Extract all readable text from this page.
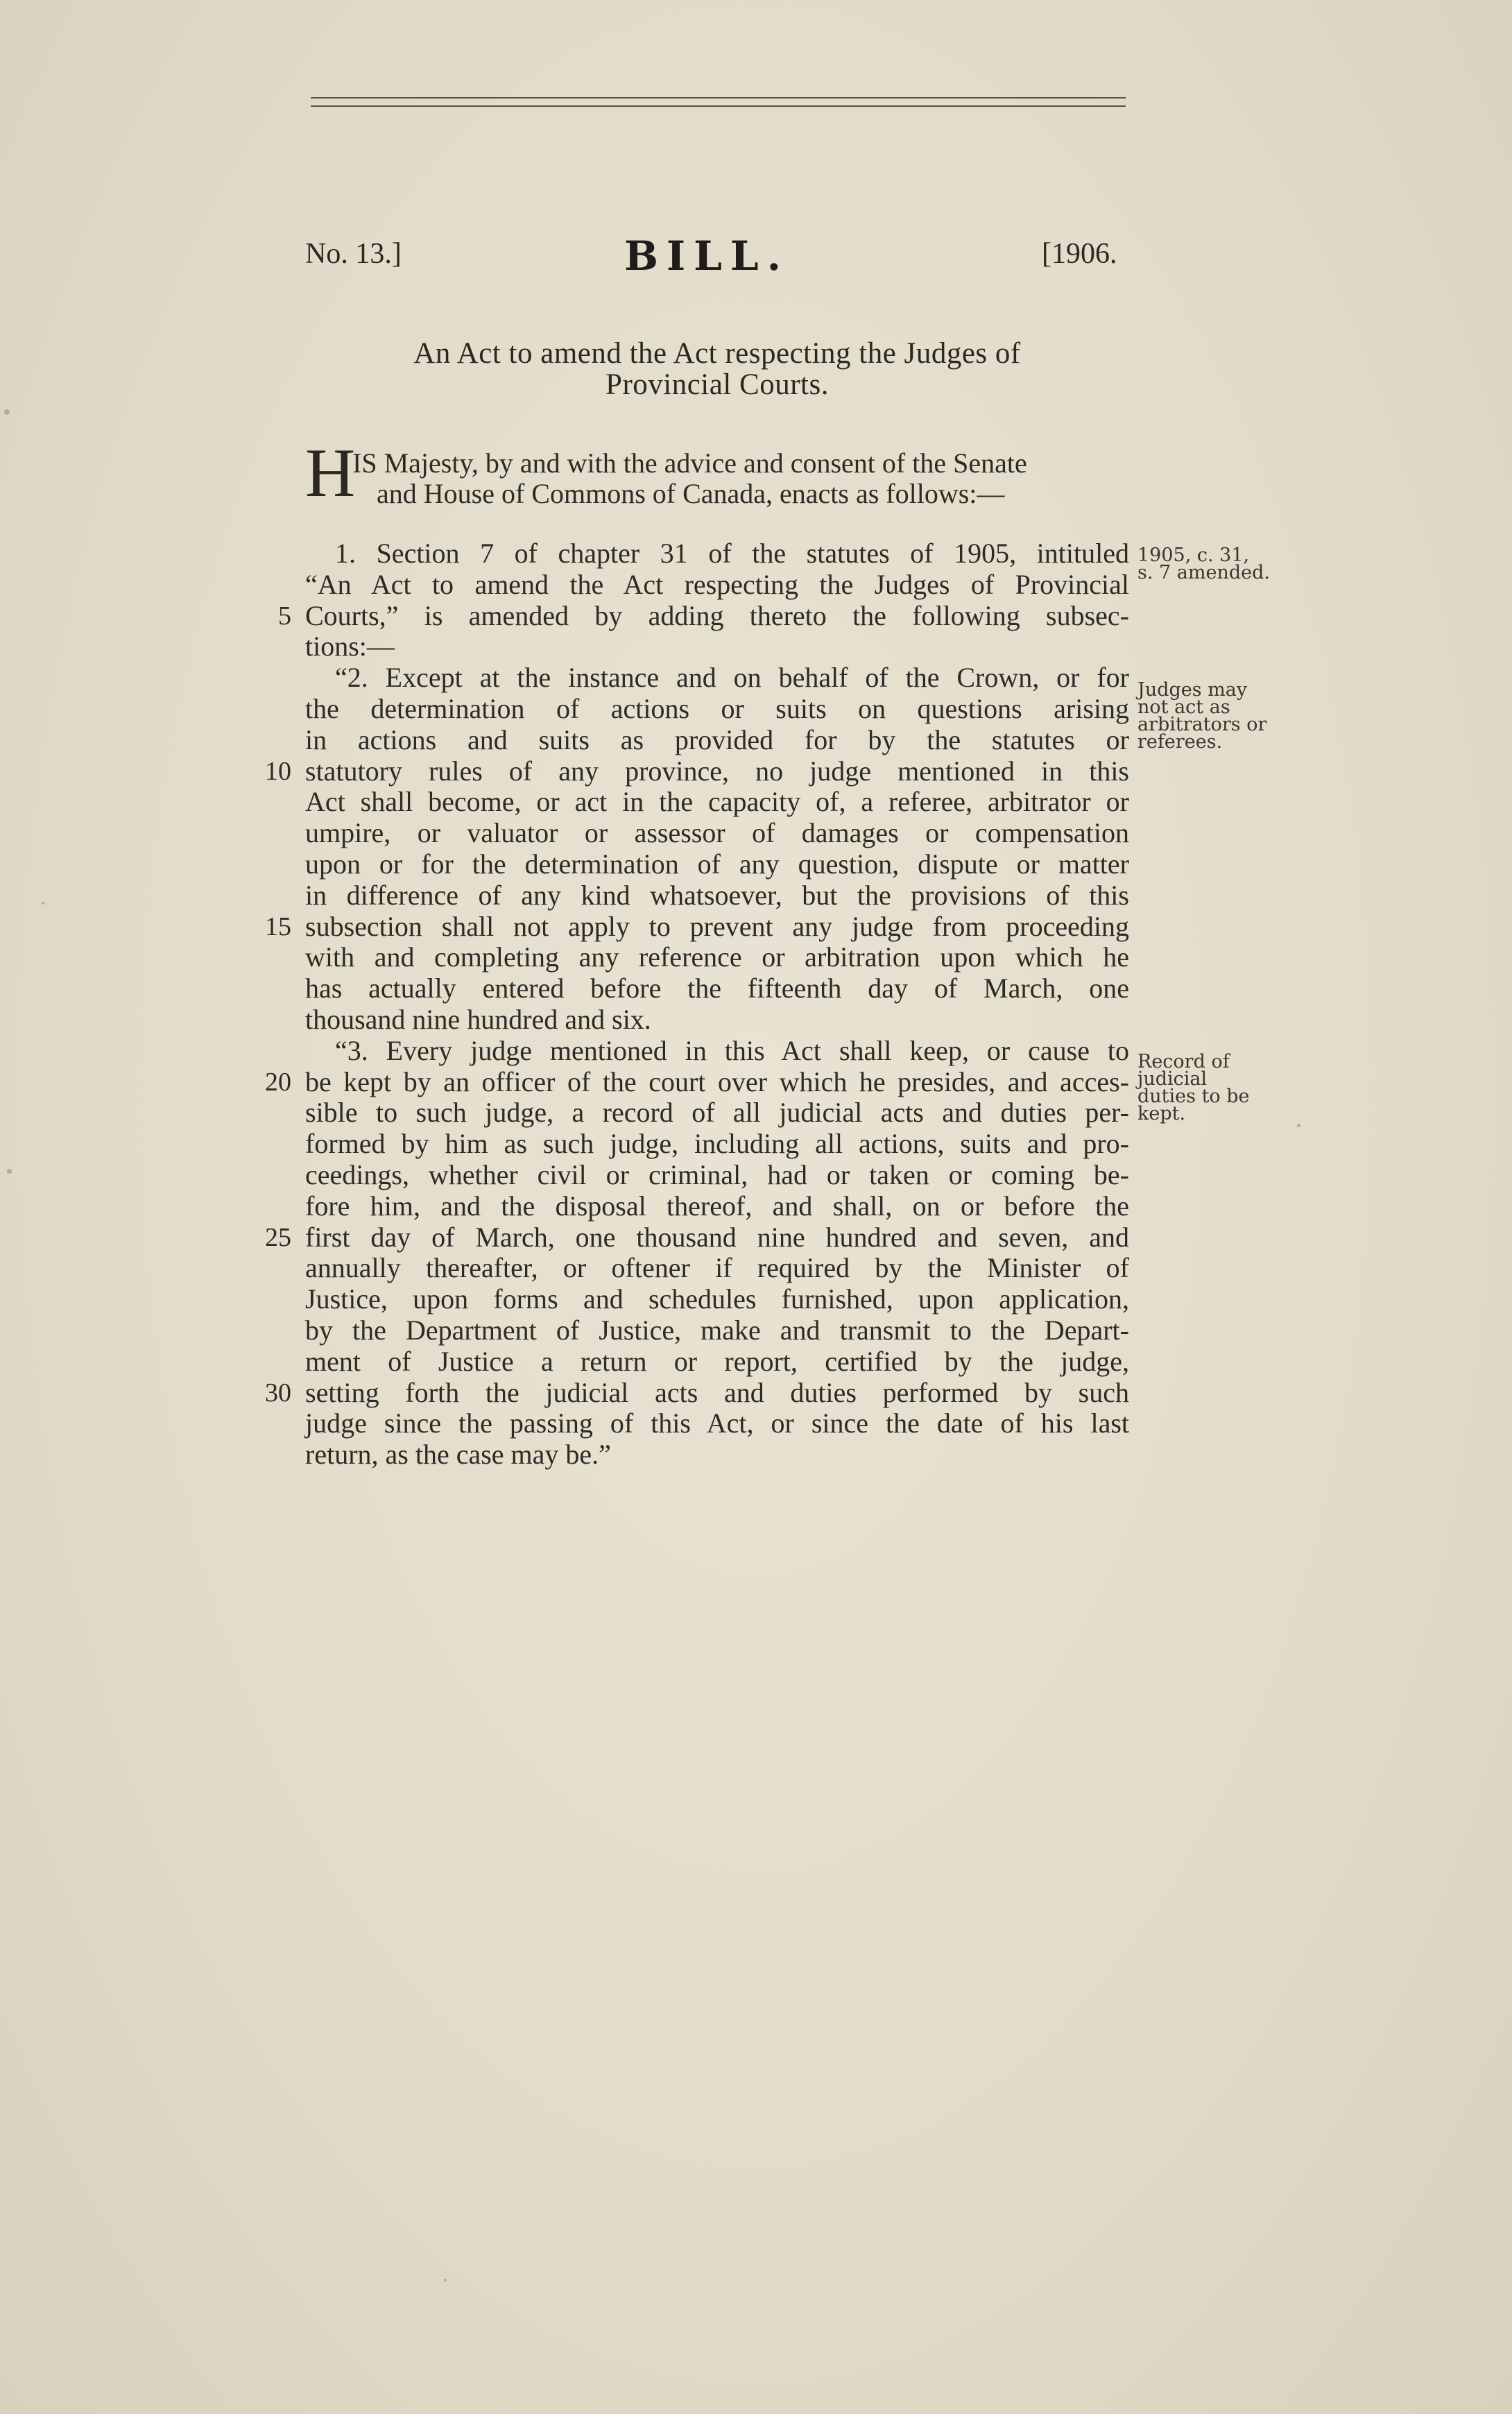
No. 13.]	BILL.	[1906.
An Act to amend the Act respecting the Judges of
Provincial Courts.
H
IS Majesty, by and with the advice and consent of the Senate
and House of Commons of Canada, enacts as follows:—
1. Section 7 of chapter 31 of the statutes of 1905, intituled
“An Act to amend the Act respecting the Judges of Provincial
Courts,” is amended by adding thereto the following subsec-
5
tions:—
“2. Except at the instance and on behalf of the Crown, or for
the determination of actions or suits on questions arising
in actions and suits as provided for by the statutes or
statutory rules of any province, no judge mentioned in this
10
Act shall become, or act in the capacity of, a referee, arbitrator or
umpire, or valuator or assessor of damages or compensation
upon or for the determination of any question, dispute or matter
in difference of any kind whatsoever, but the provisions of this
subsection shall not apply to prevent any judge from proceeding
15
with and completing any reference or arbitration upon which he
has actually entered before the fifteenth day of March, one
thousand nine hundred and six.
“3. Every judge mentioned in this Act shall keep, or cause to
be kept by an officer of the court over which he presides, and acces-
20
sible to such judge, a record of all judicial acts and duties per-
formed by him as such judge, including all actions, suits and pro-
ceedings, whether civil or criminal, had or taken or coming be-
fore him, and the disposal thereof, and shall, on or before the
first day of March, one thousand nine hundred and seven, and
25
annually thereafter, or oftener if required by the Minister of
Justice, upon forms and schedules furnished, upon application,
by the Department of Justice, make and transmit to the Depart-
ment of Justice a return or report, certified by the judge,
setting forth the judicial acts and duties performed by such
30
judge since the passing of this Act, or since the date of his last
return, as the case may be.”
1905, c. 31,
s. 7 amended.
Judges may
not act as
arbitrators or
referees.
Record of
judicial
duties to be
kept.
